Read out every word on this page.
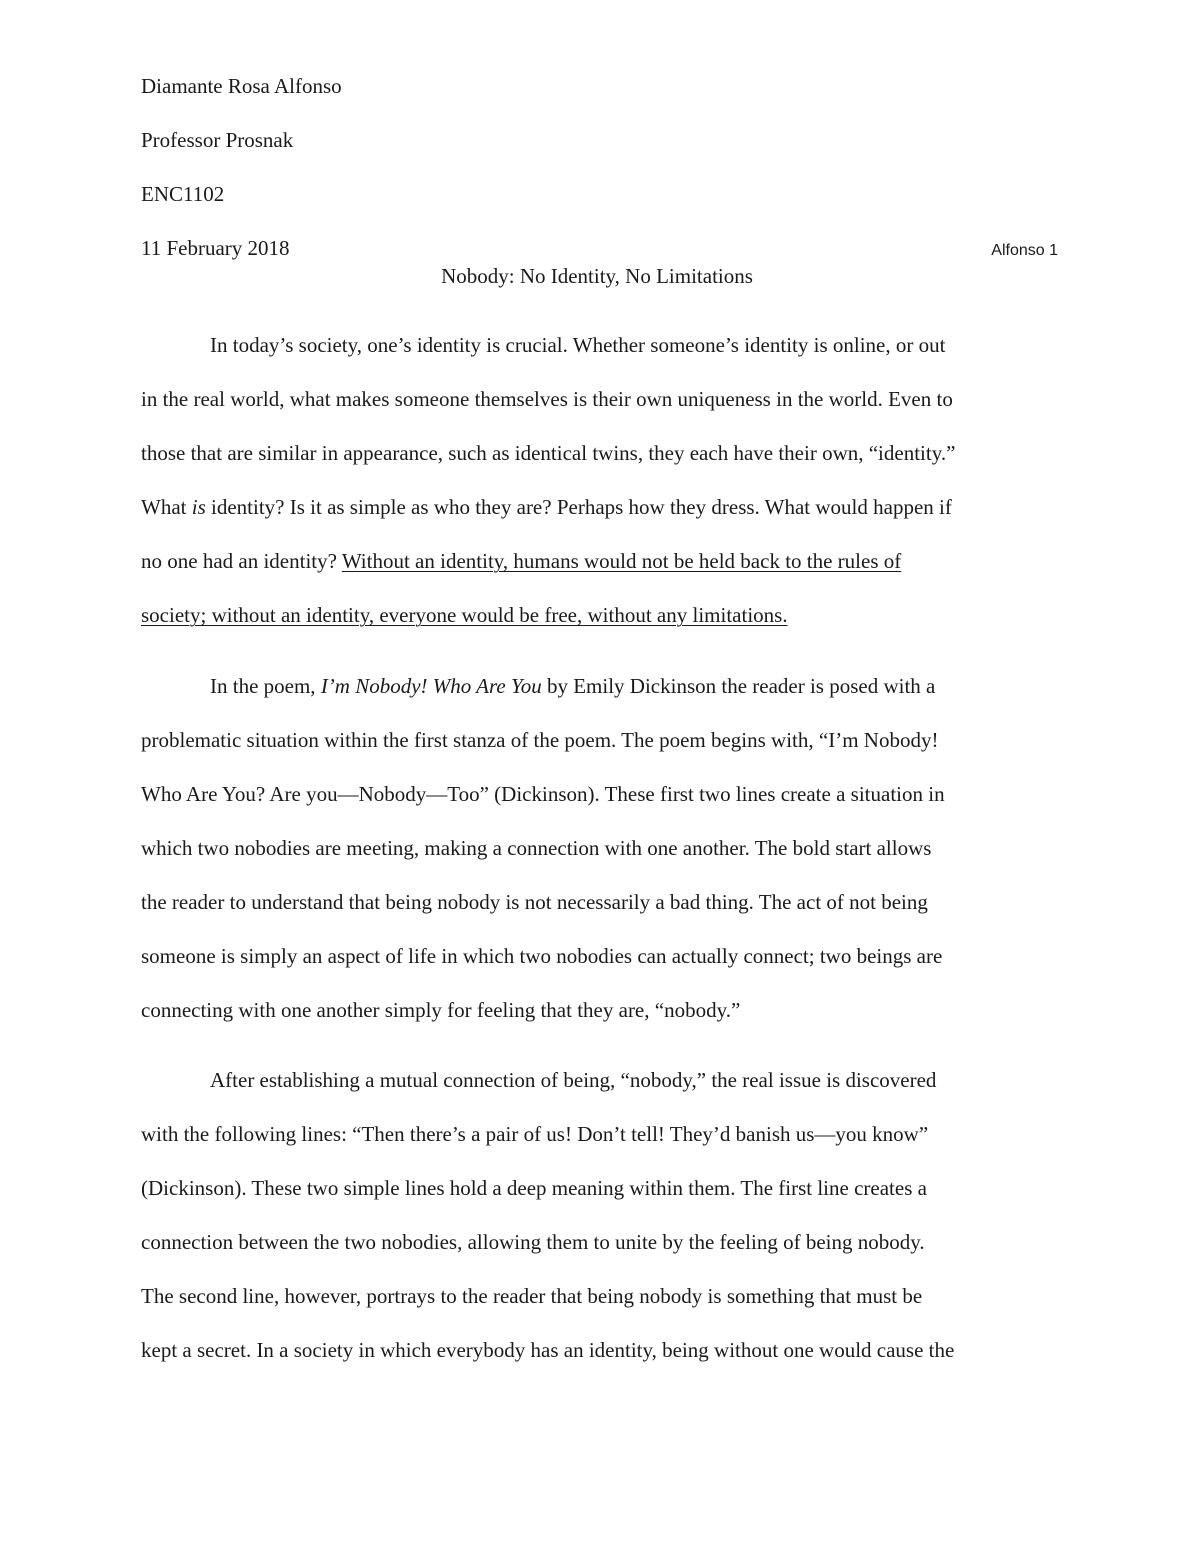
Diamante Rosa Alfonso
Professor Prosnak
ENC1102
11 February 2018	Alfonso 1
Nobody: No Identity, No Limitations
In today’s society, one’s identity is crucial. Whether someone’s identity is online, or out
in the real world, what makes someone themselves is their own uniqueness in the world. Even to
those that are similar in appearance, such as identical twins, they each have their own, “identity.”
What is identity? Is it as simple as who they are? Perhaps how they dress. What would happen if
no one had an identity? Without an identity, humans would not be held back to the rules of
society; without an identity, everyone would be free, without any limitations.
In the poem, I’m Nobody! Who Are You by Emily Dickinson the reader is posed with a
problematic situation within the first stanza of the poem. The poem begins with, “I’m Nobody!
Who Are You? Are you—Nobody—Too” (Dickinson). These first two lines create a situation in
which two nobodies are meeting, making a connection with one another. The bold start allows
the reader to understand that being nobody is not necessarily a bad thing. The act of not being
someone is simply an aspect of life in which two nobodies can actually connect; two beings are
connecting with one another simply for feeling that they are, “nobody.”
After establishing a mutual connection of being, “nobody,” the real issue is discovered
with the following lines: “Then there’s a pair of us! Don’t tell! They’d banish us—you know”
(Dickinson). These two simple lines hold a deep meaning within them. The first line creates a
connection between the two nobodies, allowing them to unite by the feeling of being nobody.
The second line, however, portrays to the reader that being nobody is something that must be
kept a secret. In a society in which everybody has an identity, being without one would cause the
